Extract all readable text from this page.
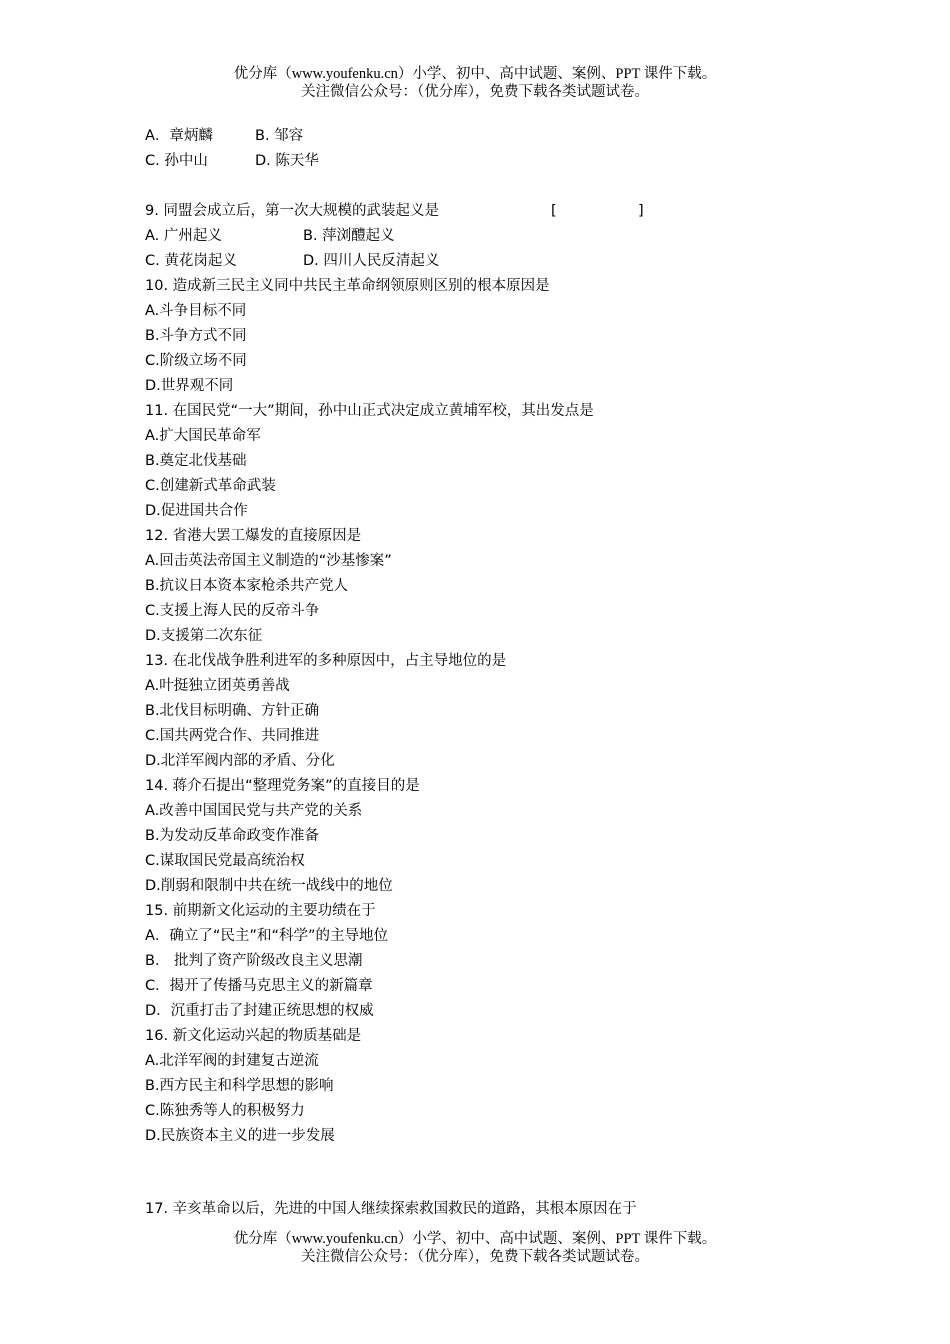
优分库（www.youfenku.cn）小学、初中、高中试题、案例、PPT 课件下载。
关注微信公众号：（优分库），免费下载各类试题试卷。
A．章炳麟	B. 邹容
C. 孙中山	D. 陈天华
9. 同盟会成立后，第一次大规模的武装起义是	[	]
A. 广州起义	B. 萍浏醴起义
C. 黄花岗起义	D. 四川人民反清起义
10. 造成新三民主义同中共民主革命纲领原则区别的根本原因是
A.斗争目标不同
B.斗争方式不同
C.阶级立场不同
D.世界观不同
11. 在国民党“一大”期间，孙中山正式决定成立黄埔军校，其出发点是
A.扩大国民革命军
B.奠定北伐基础
C.创建新式革命武装
D.促进国共合作
12. 省港大罢工爆发的直接原因是
A.回击英法帝国主义制造的“沙基惨案”
B.抗议日本资本家枪杀共产党人
C.支援上海人民的反帝斗争
D.支援第二次东征
13. 在北伐战争胜利进军的多种原因中，占主导地位的是
A.叶挺独立团英勇善战
B.北伐目标明确、方针正确
C.国共两党合作、共同推进
D.北洋军阀内部的矛盾、分化
14. 蒋介石提出“整理党务案”的直接目的是
A.改善中国国民党与共产党的关系
B.为发动反革命政变作准备
C.谋取国民党最高统治权
D.削弱和限制中共在统一战线中的地位
15. 前期新文化运动的主要功绩在于
A．确立了“民主”和“科学”的主导地位
B． 批判了资产阶级改良主义思潮
C．揭开了传播马克思主义的新篇章
D．沉重打击了封建正统思想的权威
16. 新文化运动兴起的物质基础是
A.北洋军阀的封建复古逆流
B.西方民主和科学思想的影响
C.陈独秀等人的积极努力
D.民族资本主义的进一步发展
17. 辛亥革命以后，先进的中国人继续探索救国救民的道路，其根本原因在于
优分库（www.youfenku.cn）小学、初中、高中试题、案例、PPT 课件下载。
关注微信公众号：（优分库），免费下载各类试题试卷。
